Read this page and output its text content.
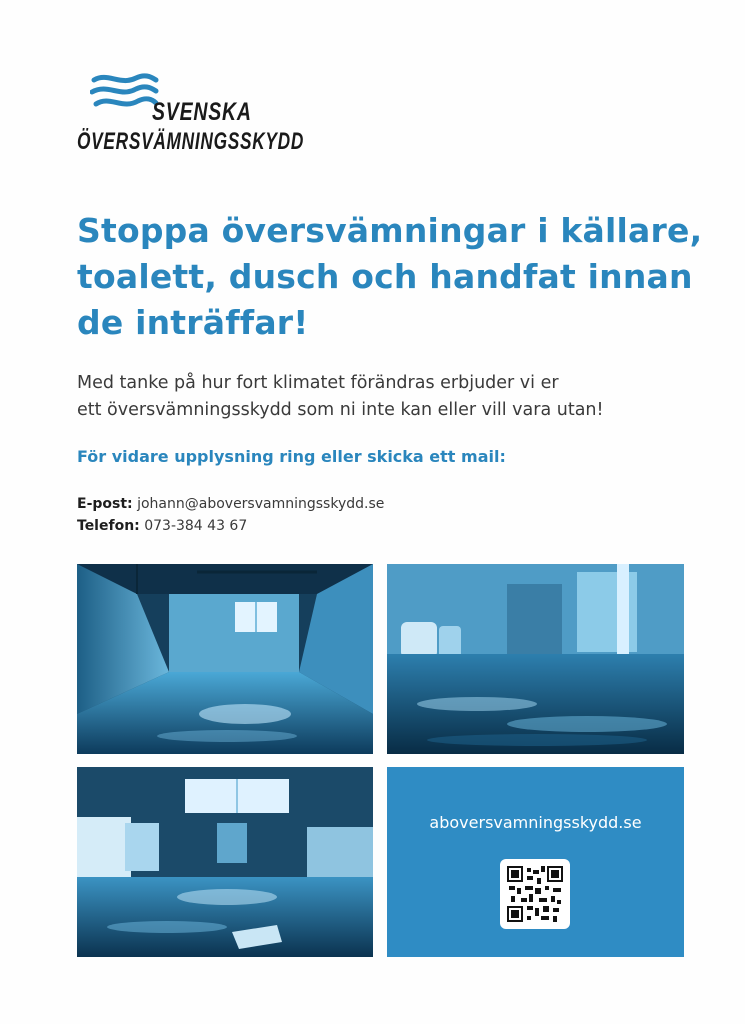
SVENSKA
ÖVERSVÄMNINGSSKYDD
Stoppa översvämningar i källare,
toalett, dusch och handfat innan
de inträffar!

Med tanke på hur fort klimatet förändras erbjuder vi er
ett översvämningsskydd som ni inte kan eller vill vara utan!

För vidare upplysning ring eller skicka ett mail:

E-post: johann@aboversvamningsskydd.se
Telefon: 073-384 43 67
aboversvamningsskydd.se
